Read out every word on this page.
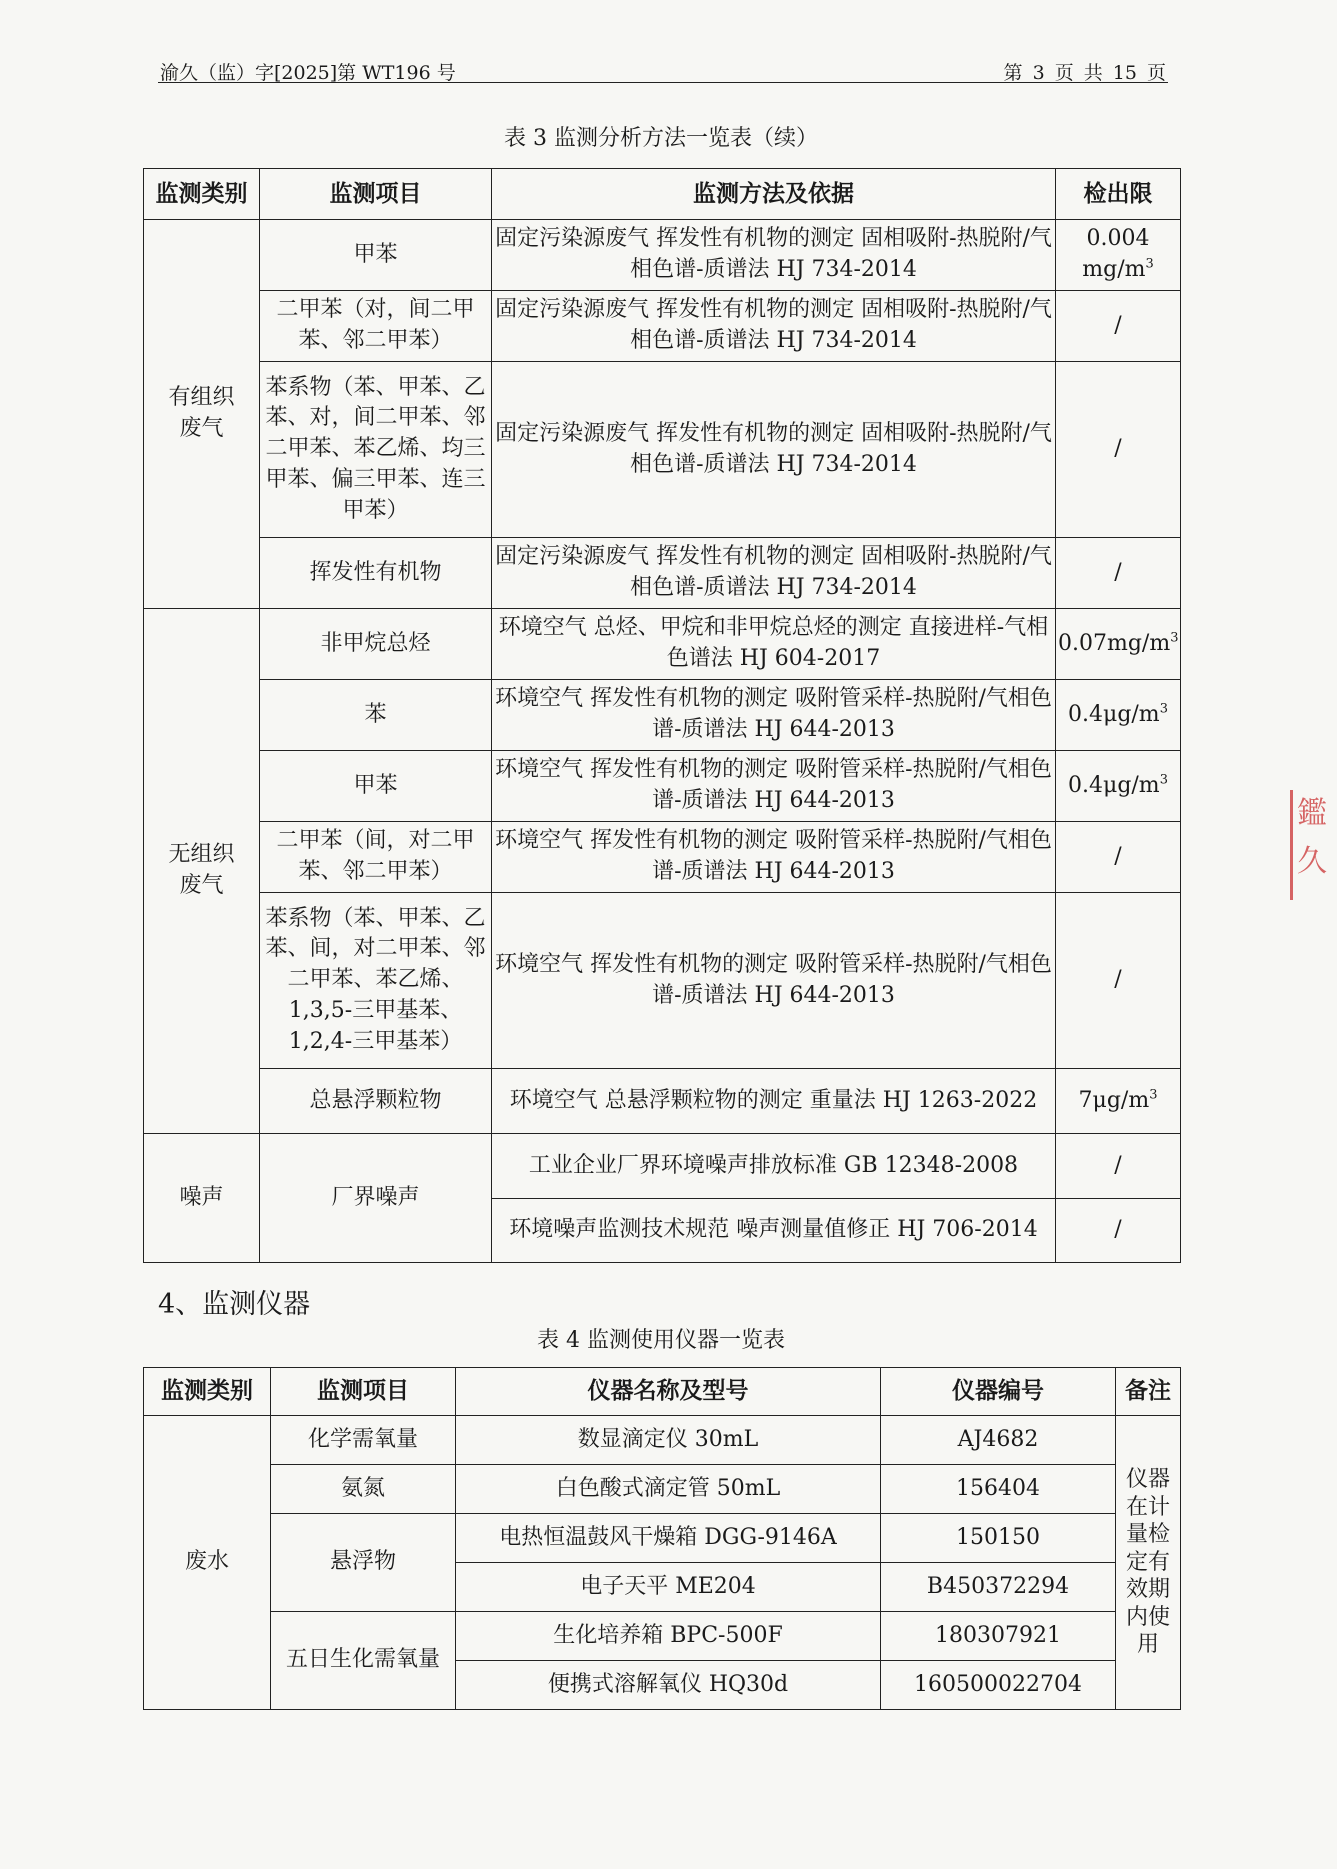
渝久（监）字[2025]第 WT196 号	第 3 页 共 15 页
表 3 监测分析方法一览表（续）
监测类别	监测项目	监测方法及依据	检出限
有组织
废气	甲苯	固定污染源废气 挥发性有机物的测定 固相吸附-热脱附/气相色谱-质谱法 HJ 734-2014	0.004 $mg/m^3$
	二甲苯（对，间二甲苯、邻二甲苯）	固定污染源废气 挥发性有机物的测定 固相吸附-热脱附/气相色谱-质谱法 HJ 734-2014	/
	苯系物（苯、甲苯、乙苯、对，间二甲苯、邻二甲苯、苯乙烯、均三甲苯、偏三甲苯、连三甲苯）	固定污染源废气 挥发性有机物的测定 固相吸附-热脱附/气相色谱-质谱法 HJ 734-2014	/
	挥发性有机物	固定污染源废气 挥发性有机物的测定 固相吸附-热脱附/气相色谱-质谱法 HJ 734-2014	/
无组织
废气	非甲烷总烃	环境空气 总烃、甲烷和非甲烷总烃的测定 直接进样-气相色谱法 HJ 604-2017	$0.07mg/m^3$
	苯	环境空气 挥发性有机物的测定 吸附管采样-热脱附/气相色谱-质谱法 HJ 644-2013	$0.4\mu g/m^3$
	甲苯	环境空气 挥发性有机物的测定 吸附管采样-热脱附/气相色谱-质谱法 HJ 644-2013	$0.4\mu g/m^3$
	二甲苯（间，对二甲苯、邻二甲苯）	环境空气 挥发性有机物的测定 吸附管采样-热脱附/气相色谱-质谱法 HJ 644-2013	/
	苯系物（苯、甲苯、乙苯、间，对二甲苯、邻二甲苯、苯乙烯、1,3,5-三甲基苯、1,2,4-三甲基苯）	环境空气 挥发性有机物的测定 吸附管采样-热脱附/气相色谱-质谱法 HJ 644-2013	/
	总悬浮颗粒物	环境空气 总悬浮颗粒物的测定 重量法 HJ 1263-2022	$7\mu g/m^3$
噪声	厂界噪声	工业企业厂界环境噪声排放标准 GB 12348-2008	/
		环境噪声监测技术规范 噪声测量值修正 HJ 706-2014	/
4、监测仪器
表 4 监测使用仪器一览表
监测类别	监测项目	仪器名称及型号	仪器编号	备注
废水	化学需氧量	数显滴定仪 30mL	AJ4682	仪器在计量检定有效期内使用
	氨氮	白色酸式滴定管 50mL	156404	
	悬浮物	电热恒温鼓风干燥箱 DGG-9146A	150150	
		电子天平 ME204	B450372294	
	五日生化需氧量	生化培养箱 BPC-500F	180307921	
		便携式溶解氧仪 HQ30d	160500022704	
鑑 久
